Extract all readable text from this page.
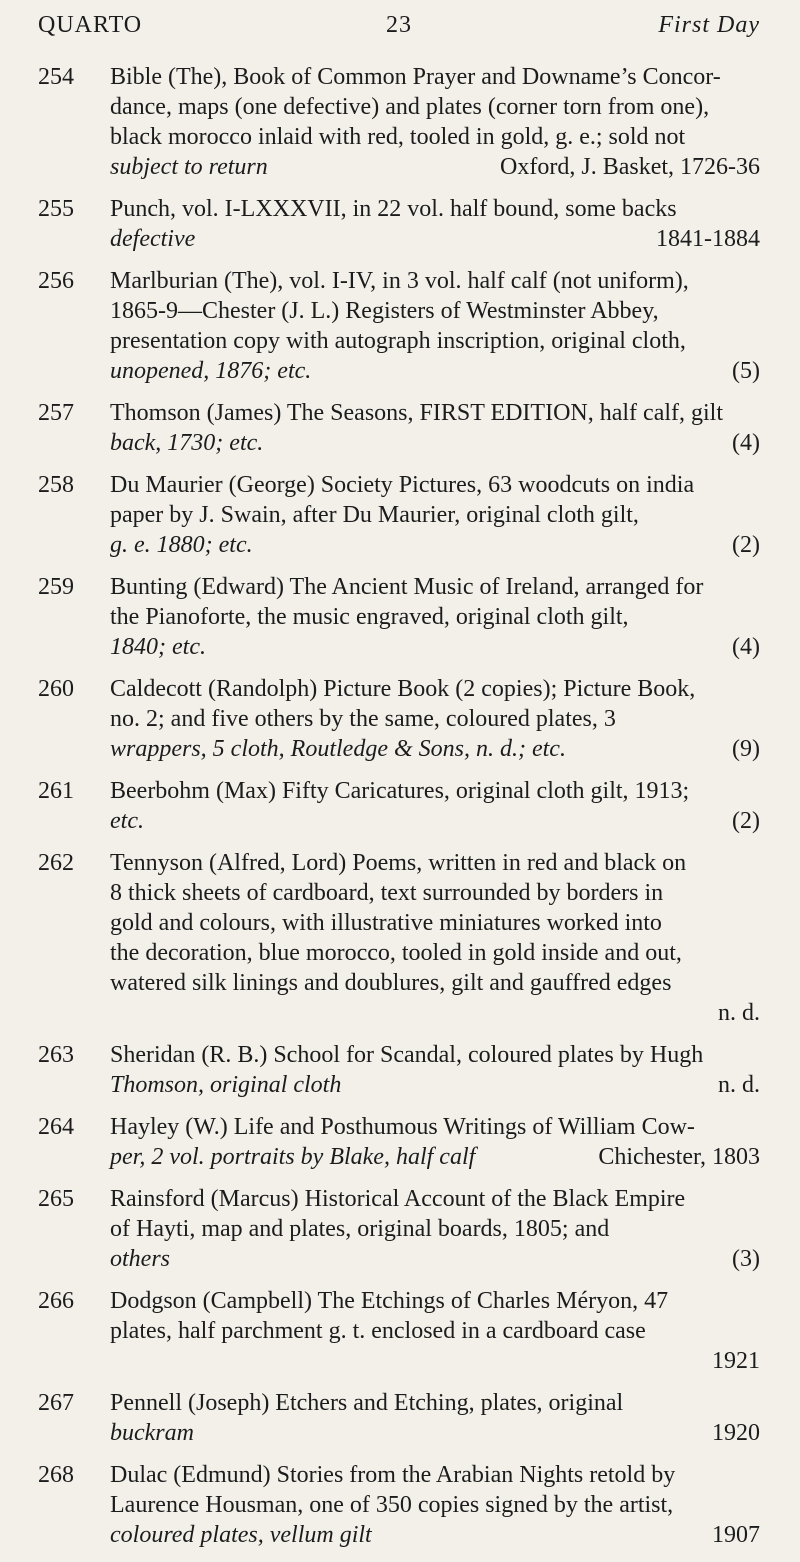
QUARTO	23	First Day
254	Bible (The), Book of Common Prayer and Downame’s Concor-
dance, maps (one defective) and plates (corner torn from one),
black morocco inlaid with red, tooled in gold, g. e.; sold not
subject to return	Oxford, J. Basket, 1726-36
255	Punch, vol. I-LXXXVII, in 22 vol. half bound, some backs
defective	1841-1884
256	Marlburian (The), vol. I-IV, in 3 vol. half calf (not uniform),
1865-9—Chester (J. L.) Registers of Westminster Abbey,
presentation copy with autograph inscription, original cloth,
unopened, 1876; etc.	(5)
257	Thomson (James) The Seasons, FIRST EDITION, half calf, gilt
back, 1730; etc.	(4)
258	Du Maurier (George) Society Pictures, 63 woodcuts on india
paper by J. Swain, after Du Maurier, original cloth gilt,
g. e. 1880; etc.	(2)
259	Bunting (Edward) The Ancient Music of Ireland, arranged for
the Pianoforte, the music engraved, original cloth gilt,
1840; etc.	(4)
260	Caldecott (Randolph) Picture Book (2 copies); Picture Book,
no. 2; and five others by the same, coloured plates, 3
wrappers, 5 cloth, Routledge & Sons, n. d.; etc.	(9)
261	Beerbohm (Max) Fifty Caricatures, original cloth gilt, 1913;
etc.	(2)
262	Tennyson (Alfred, Lord) Poems, written in red and black on
8 thick sheets of cardboard, text surrounded by borders in
gold and colours, with illustrative miniatures worked into
the decoration, blue morocco, tooled in gold inside and out,
watered silk linings and doublures, gilt and gauffred edges
n. d.
263	Sheridan (R. B.) School for Scandal, coloured plates by Hugh
Thomson, original cloth	n. d.
264	Hayley (W.) Life and Posthumous Writings of William Cow-
per, 2 vol. portraits by Blake, half calf	Chichester, 1803
265	Rainsford (Marcus) Historical Account of the Black Empire
of Hayti, map and plates, original boards, 1805; and
others	(3)
266	Dodgson (Campbell) The Etchings of Charles Méryon, 47
plates, half parchment g. t. enclosed in a cardboard case
1921
267	Pennell (Joseph) Etchers and Etching, plates, original
buckram	1920
268	Dulac (Edmund) Stories from the Arabian Nights retold by
Laurence Housman, one of 350 copies signed by the artist,
coloured plates, vellum gilt	1907
